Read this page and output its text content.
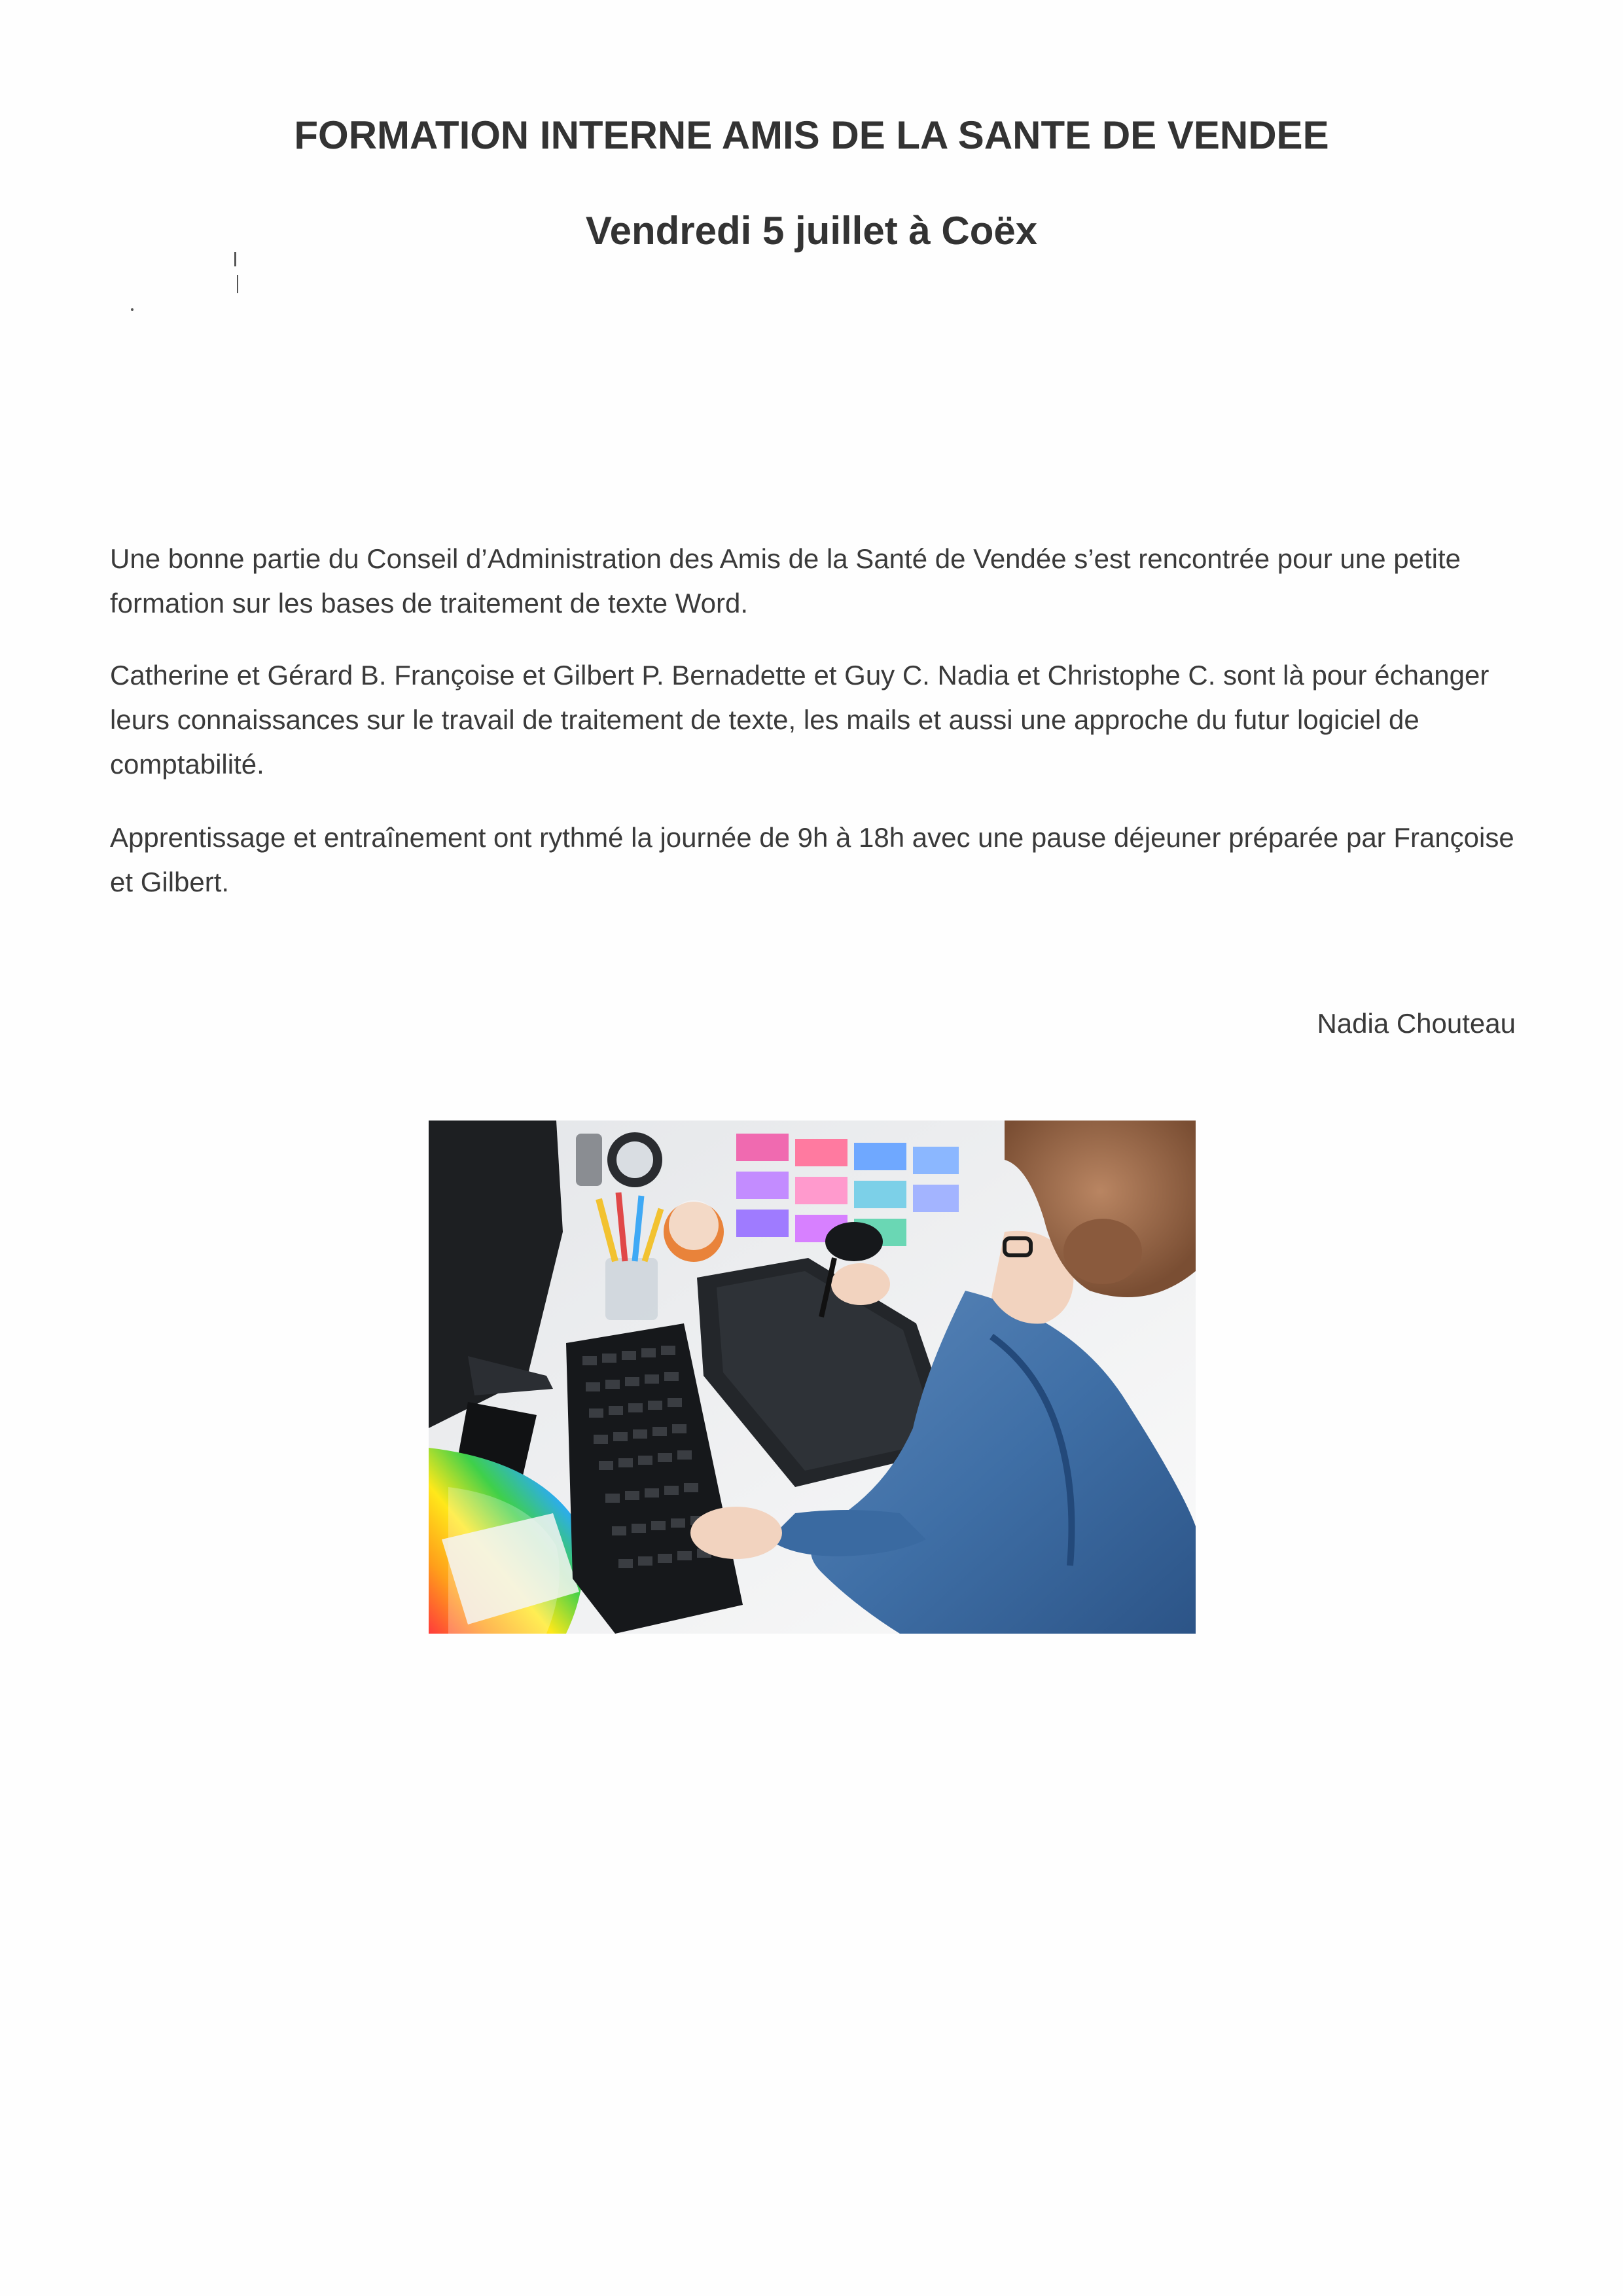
FORMATION INTERNE AMIS DE LA SANTE DE VENDEE
Vendredi 5 juillet à Coëx

Une bonne partie du Conseil d’Administration des Amis de la Santé de Vendée s’est rencontrée pour une petite formation sur les bases de traitement de texte Word.

Catherine et Gérard B. Françoise et Gilbert P. Bernadette et Guy C. Nadia et Christophe C. sont là pour échanger leurs connaissances sur le travail de traitement de texte, les mails et aussi une approche du futur logiciel de comptabilité.

Apprentissage et entraînement ont rythmé la journée de 9h à 18h avec une pause déjeuner préparée par Françoise et Gilbert.

Nadia Chouteau
